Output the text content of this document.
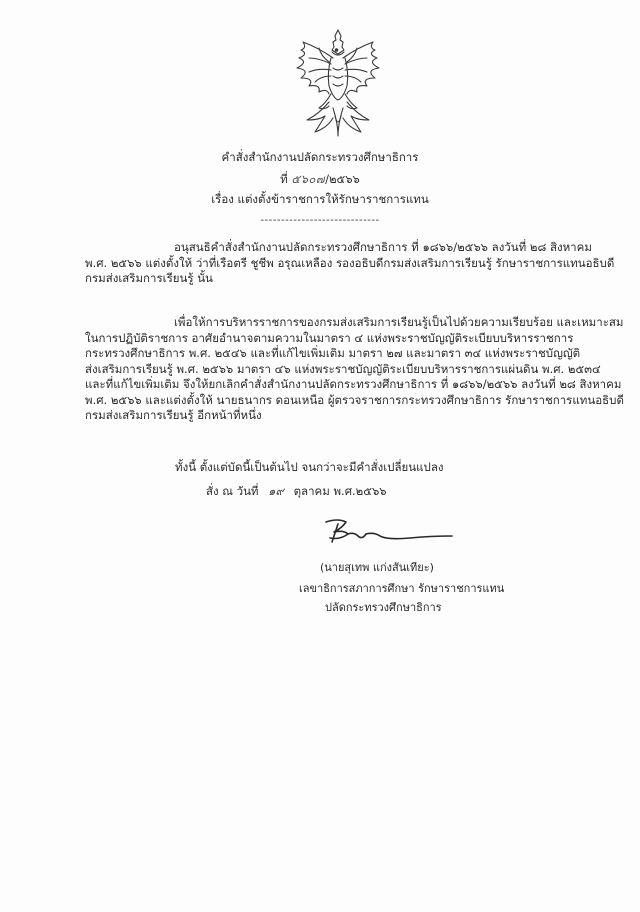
คำสั่งสำนักงานปลัดกระทรวงศึกษาธิการ
ที่ ๕๖๐๗/๒๕๖๖
เรื่อง แต่งตั้งข้าราชการให้รักษาราชการแทน
-----------------------------
อนุสนธิคำสั่งสำนักงานปลัดกระทรวงศึกษาธิการ ที่ ๑๘๖๖/๒๕๖๖ ลงวันที่ ๒๘ สิงหาคม
พ.ศ. ๒๕๖๖ แต่งตั้งให้ ว่าที่เรือตรี ชูชีพ อรุณเหลือง รองอธิบดีกรมส่งเสริมการเรียนรู้ รักษาราชการแทนอธิบดี
กรมส่งเสริมการเรียนรู้ นั้น
เพื่อให้การบริหารราชการของกรมส่งเสริมการเรียนรู้เป็นไปด้วยความเรียบร้อย และเหมาะสม
ในการปฏิบัติราชการ อาศัยอำนาจตามความในมาตรา ๔ แห่งพระราชบัญญัติระเบียบบริหารราชการ
กระทรวงศึกษาธิการ พ.ศ. ๒๕๔๖ และที่แก้ไขเพิ่มเติม มาตรา ๒๗ และมาตรา ๓๔ แห่งพระราชบัญญัติ
ส่งเสริมการเรียนรู้ พ.ศ. ๒๕๖๖ มาตรา ๔๖ แห่งพระราชบัญญัติระเบียบบริหารราชการแผ่นดิน พ.ศ. ๒๕๓๔
และที่แก้ไขเพิ่มเติม จึงให้ยกเลิกคำสั่งสำนักงานปลัดกระทรวงศึกษาธิการ ที่ ๑๘๖๖/๒๕๖๖ ลงวันที่ ๒๘ สิงหาคม
พ.ศ. ๒๕๖๖ และแต่งตั้งให้ นายธนากร ดอนเหนือ ผู้ตรวจราชการกระทรวงศึกษาธิการ รักษาราชการแทนอธิบดี
กรมส่งเสริมการเรียนรู้ อีกหน้าที่หนึ่ง
ทั้งนี้ ตั้งแต่บัดนี้เป็นต้นไป จนกว่าจะมีคำสั่งเปลี่ยนแปลง
สั่ง ณ วันที่ ๑๙ ตุลาคม พ.ศ.๒๕๖๖
(นายสุเทพ แก่งสันเทียะ)
เลขาธิการสภาการศึกษา รักษาราชการแทน
ปลัดกระทรวงศึกษาธิการ
